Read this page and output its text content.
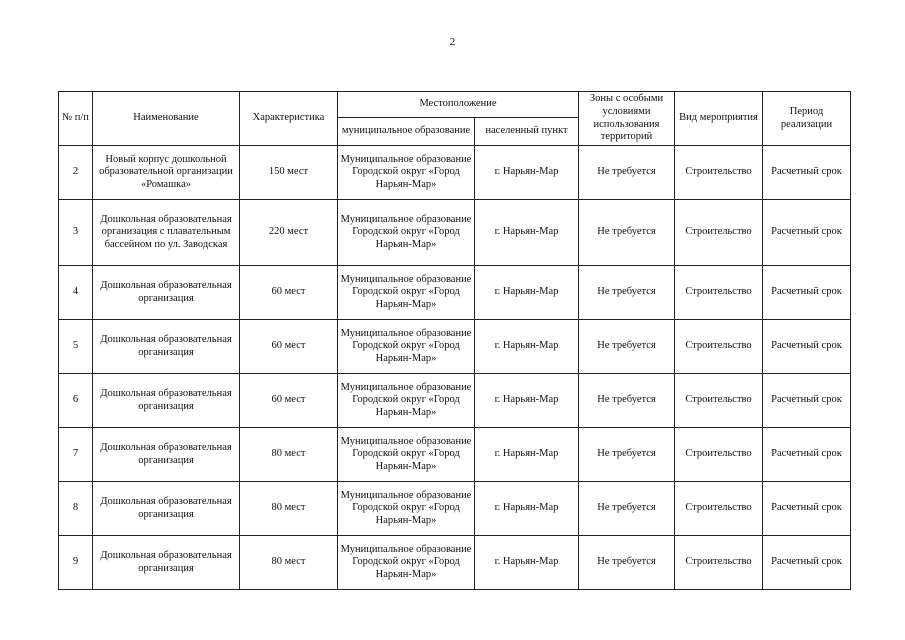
2
№ п/п	Наименование	Характеристика	Местоположение		Зоны с особыми условиями использования территорий	Вид мероприятия	Период реализации
			муниципальное образование	населенный пункт			
2	Новый корпус дошкольной образовательной организации «Ромашка»	150 мест	Муниципальное образование Городской округ «Город Нарьян-Мар»	г. Нарьян-Мар	Не требуется	Строительство	Расчетный срок
3	Дошкольная образовательная организация с плавательным бассейном по ул. Заводская	220 мест	Муниципальное образование Городской округ «Город Нарьян-Мар»	г. Нарьян-Мар	Не требуется	Строительство	Расчетный срок
4	Дошкольная образовательная организация	60 мест	Муниципальное образование Городской округ «Город Нарьян-Мар»	г. Нарьян-Мар	Не требуется	Строительство	Расчетный срок
5	Дошкольная образовательная организация	60 мест	Муниципальное образование Городской округ «Город Нарьян-Мар»	г. Нарьян-Мар	Не требуется	Строительство	Расчетный срок
6	Дошкольная образовательная организация	60 мест	Муниципальное образование Городской округ «Город Нарьян-Мар»	г. Нарьян-Мар	Не требуется	Строительство	Расчетный срок
7	Дошкольная образовательная организация	80 мест	Муниципальное образование Городской округ «Город Нарьян-Мар»	г. Нарьян-Мар	Не требуется	Строительство	Расчетный срок
8	Дошкольная образовательная организация	80 мест	Муниципальное образование Городской округ «Город Нарьян-Мар»	г. Нарьян-Мар	Не требуется	Строительство	Расчетный срок
9	Дошкольная образовательная организация	80 мест	Муниципальное образование Городской округ «Город Нарьян-Мар»	г. Нарьян-Мар	Не требуется	Строительство	Расчетный срок
